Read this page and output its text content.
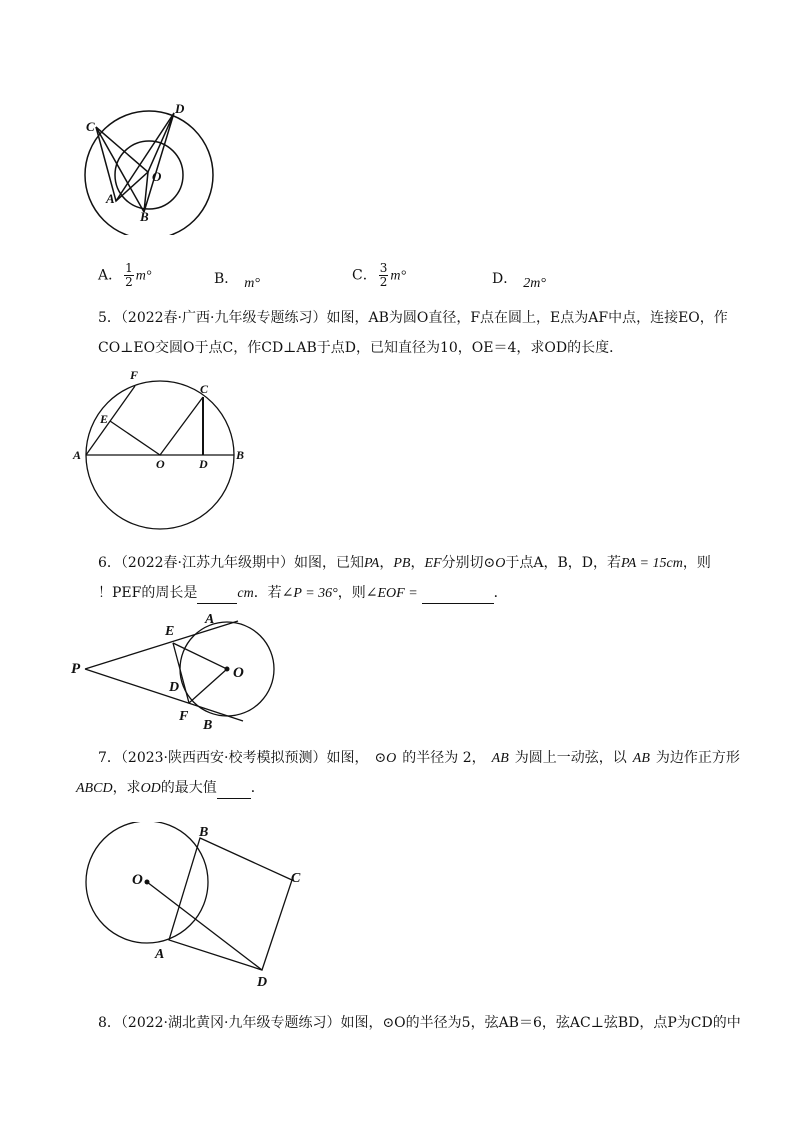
C
D
O
A
B
A． $\frac{1}{2} m^\circ$	B． m°	C． $\frac{3}{2} m^\circ$	D． 2m°
5．（2022春·广西·九年级专题练习）如图，AB为圆O直径，F点在圆上，E点为AF中点，连接EO，作
CO⊥EO交圆O于点C，作CD⊥AB于点D，已知直径为10，OE＝4，求OD的长度．
F
C
E
A
O	D
B
6．（2022春·江苏九年级期中）如图，已知PA，PB，EF分别切⊙O于点A，B，D，若PA = 15cm，则
！PEF的周长是	cm．若∠P = 36°，则∠EOF =	．
E
A
P	O
D
F
B
7．（2023·陕西西安·校考模拟预测）如图， ⊙O 的半径为 2， AB 为圆上一动弦，以 AB 为边作正方形
ABCD，求OD的最大值 ．
B
O	C
A
D
8．（2022·湖北黄冈·九年级专题练习）如图，⊙O的半径为5，弦AB＝6，弦AC⊥弦BD，点P为CD的中
